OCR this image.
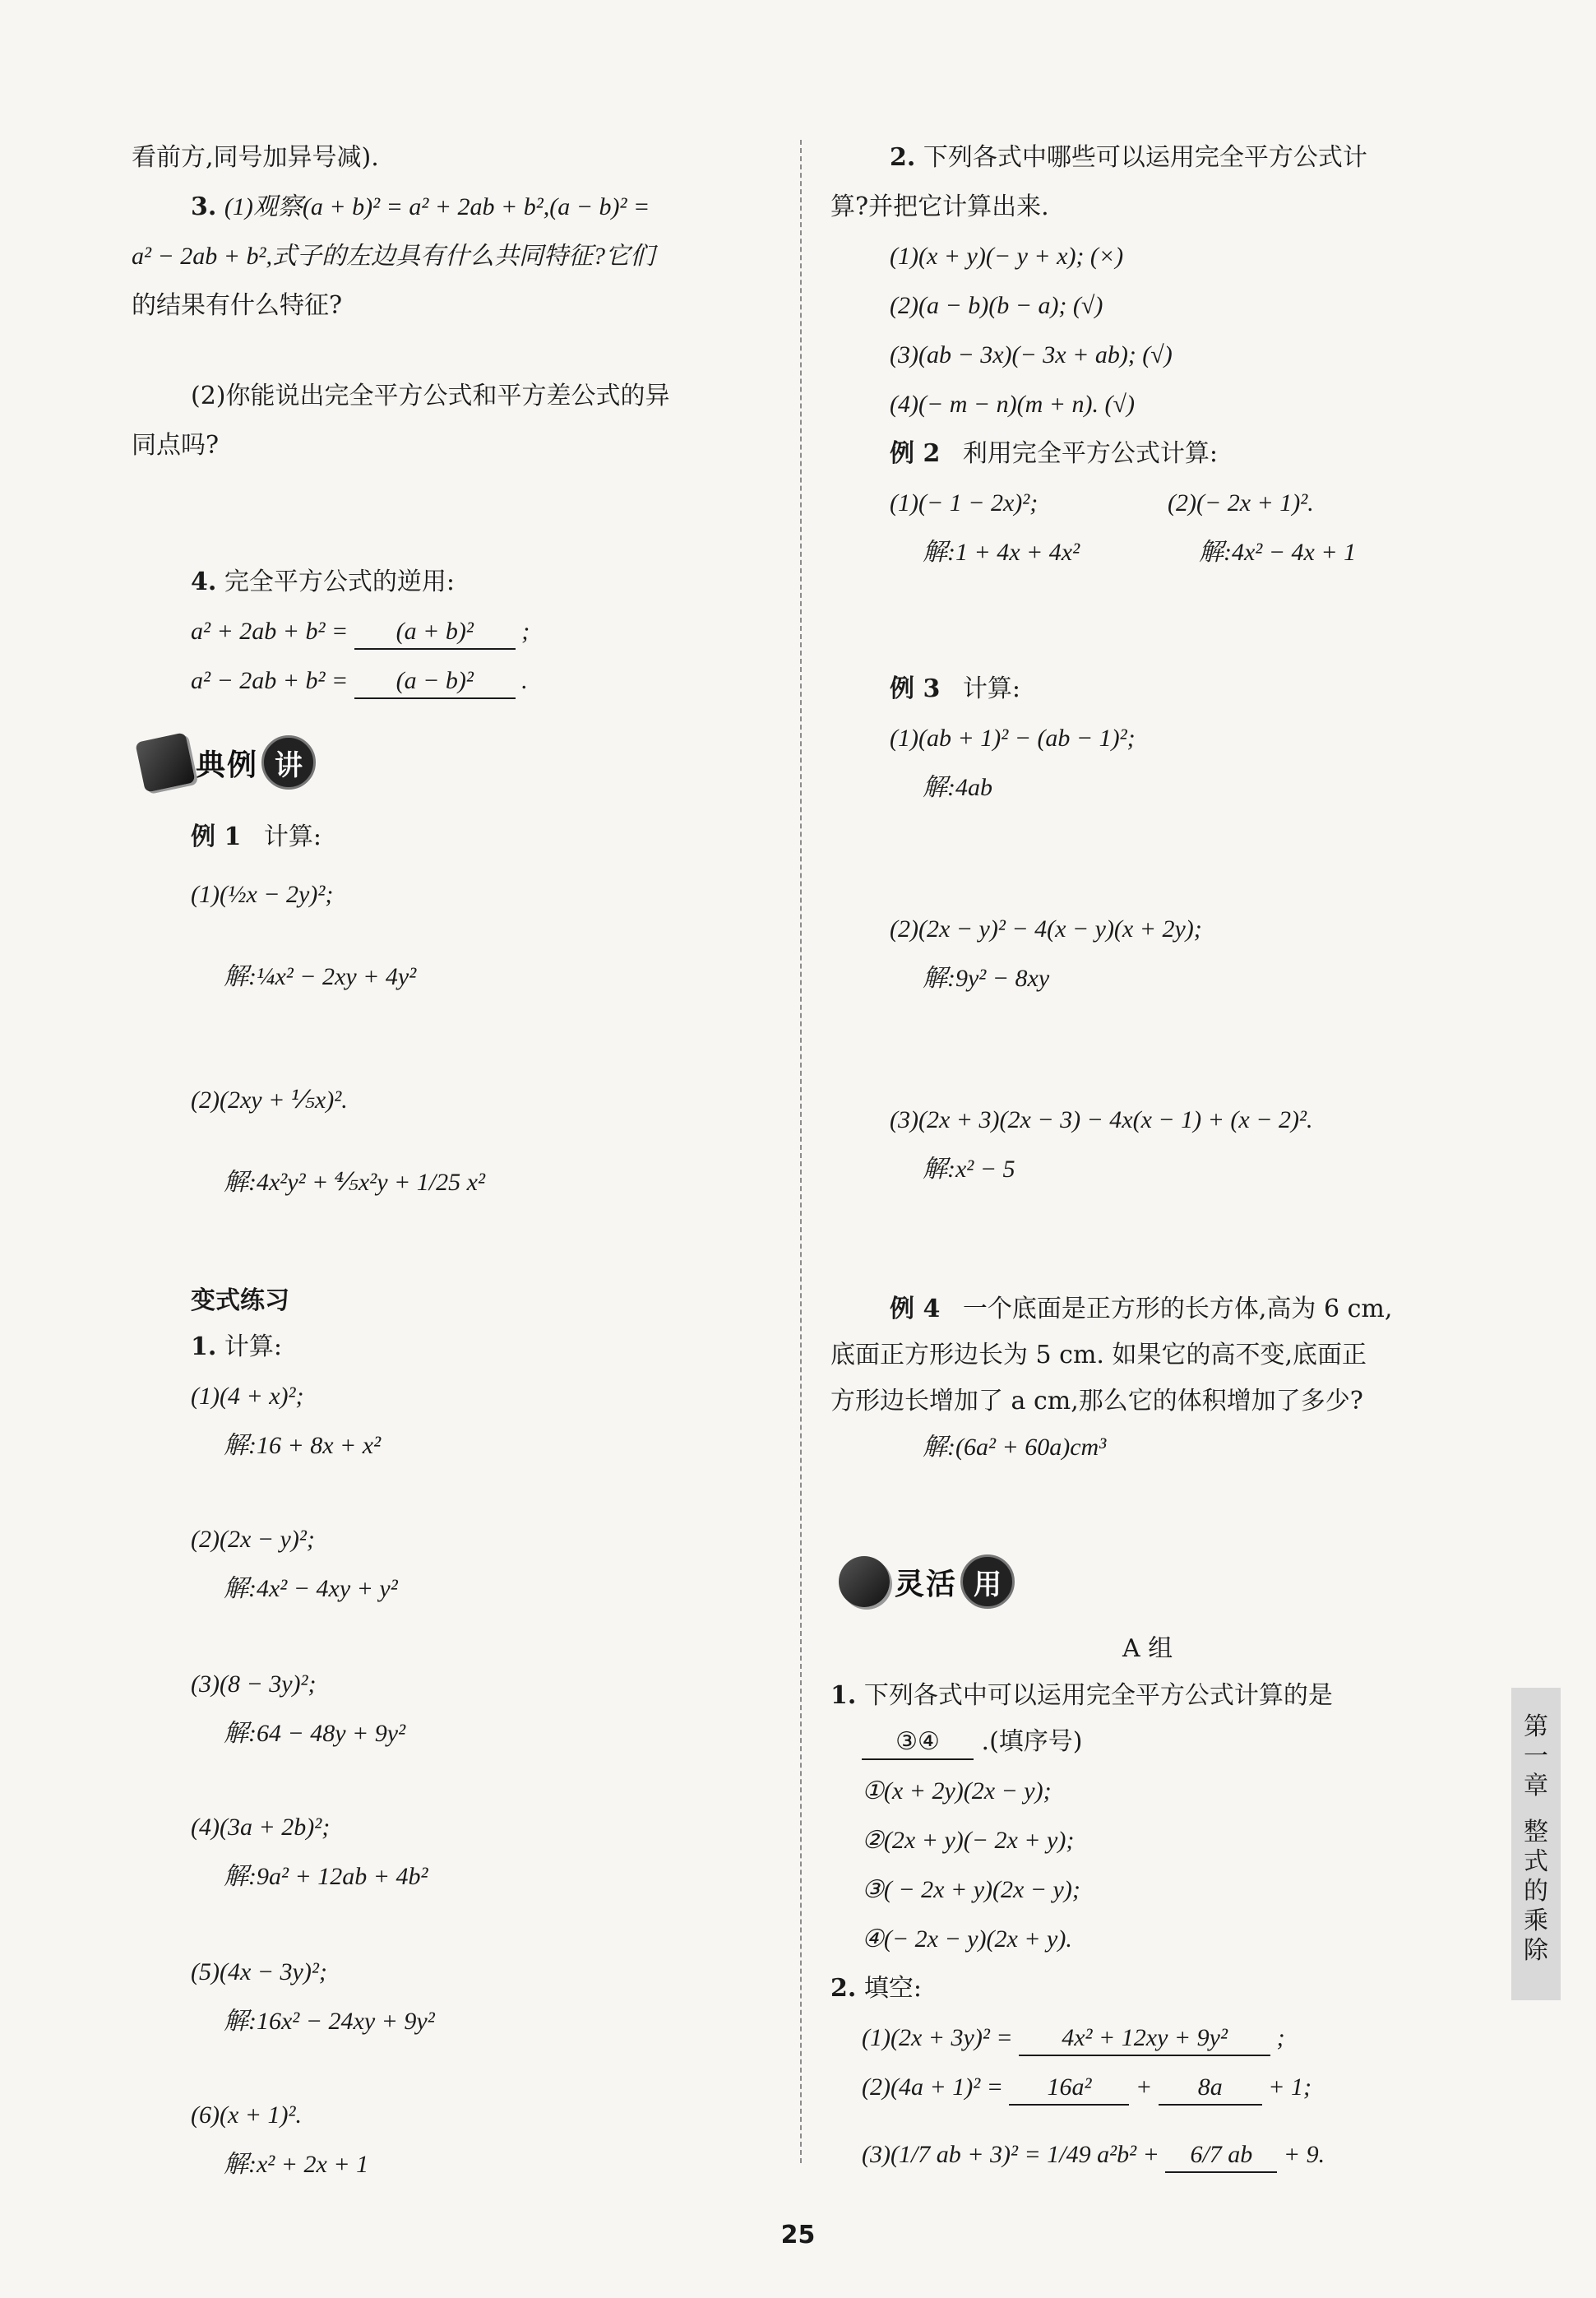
看前方,同号加异号减).
3. (1)观察(a + b)² = a² + 2ab + b²,(a − b)² =
a² − 2ab + b²,式子的左边具有什么共同特征?它们
的结果有什么特征?
(2)你能说出完全平方公式和平方差公式的异
同点吗?
4. 完全平方公式的逆用:
a² + 2ab + b² = (a + b)² ;
a² − 2ab + b² = (a − b)² .
典例 讲
例 1 计算:
(1)(½x − 2y)²;
解:¼x² − 2xy + 4y²
(2)(2xy + ⅕x)².
解:4x²y² + ⅘x²y + 1/25 x²
变式练习
1. 计算:
(1)(4 + x)²;
解:16 + 8x + x²
(2)(2x − y)²;
解:4x² − 4xy + y²
(3)(8 − 3y)²;
解:64 − 48y + 9y²
(4)(3a + 2b)²;
解:9a² + 12ab + 4b²
(5)(4x − 3y)²;
解:16x² − 24xy + 9y²
(6)(x + 1)².
解:x² + 2x + 1
2. 下列各式中哪些可以运用完全平方公式计
算?并把它计算出来.
(1)(x + y)(− y + x); (×)
(2)(a − b)(b − a); (√)
(3)(ab − 3x)(− 3x + ab); (√)
(4)(− m − n)(m + n). (√)
例 2 利用完全平方公式计算:
(1)(− 1 − 2x)²;	(2)(− 2x + 1)².
解:1 + 4x + 4x²	解:4x² − 4x + 1
例 3 计算:
(1)(ab + 1)² − (ab − 1)²;
解:4ab
(2)(2x − y)² − 4(x − y)(x + 2y);
解:9y² − 8xy
(3)(2x + 3)(2x − 3) − 4x(x − 1) + (x − 2)².
解:x² − 5
例 4 一个底面是正方形的长方体,高为 6 cm,
底面正方形边长为 5 cm. 如果它的高不变,底面正
方形边长增加了 a cm,那么它的体积增加了多少?
解:(6a² + 60a)cm³
灵活 用
A 组
1. 下列各式中可以运用完全平方公式计算的是
③④ .(填序号)
①(x + 2y)(2x − y);
②(2x + y)(− 2x + y);
③( − 2x + y)(2x − y);
④(− 2x − y)(2x + y).
2. 填空:
(1)(2x + 3y)² = 4x² + 12xy + 9y² ;
(2)(4a + 1)² = 16a² + 8a + 1;
(3)(1/7 ab + 3)² = 1/49 a²b² + 6/7 ab + 9.
第
一
章
整
式
的
乘
除
25
